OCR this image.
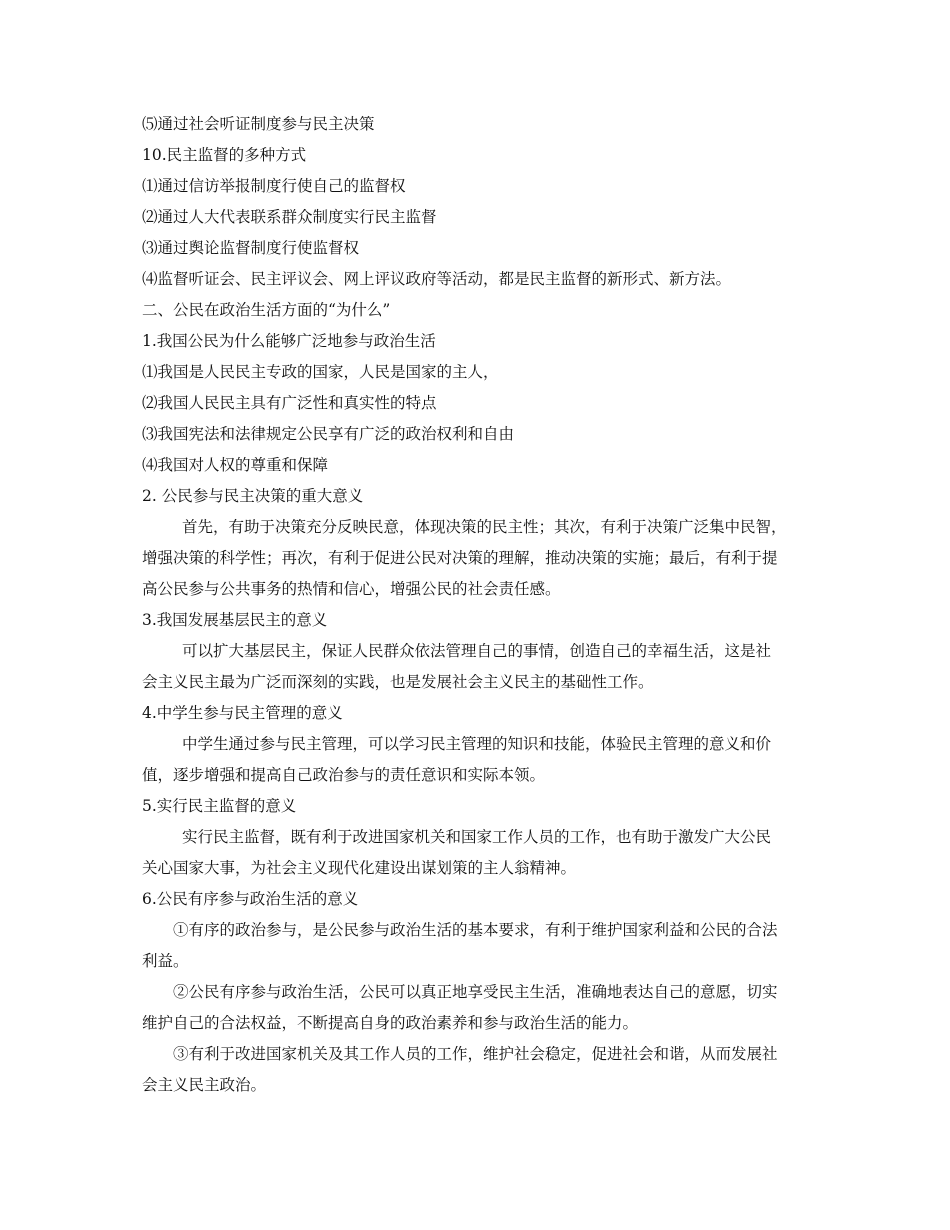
⑸通过社会听证制度参与民主决策
10.民主监督的多种方式
⑴通过信访举报制度行使自己的监督权
⑵通过人大代表联系群众制度实行民主监督
⑶通过舆论监督制度行使监督权
⑷监督听证会、民主评议会、网上评议政府等活动，都是民主监督的新形式、新方法。
二、公民在政治生活方面的“为什么”
1.我国公民为什么能够广泛地参与政治生活
⑴我国是人民民主专政的国家，人民是国家的主人，
⑵我国人民民主具有广泛性和真实性的特点
⑶我国宪法和法律规定公民享有广泛的政治权利和自由
⑷我国对人权的尊重和保障
2. 公民参与民主决策的重大意义
首先，有助于决策充分反映民意，体现决策的民主性；其次，有利于决策广泛集中民智，
增强决策的科学性；再次，有利于促进公民对决策的理解，推动决策的实施；最后，有利于提
高公民参与公共事务的热情和信心，增强公民的社会责任感。
3.我国发展基层民主的意义
可以扩大基层民主，保证人民群众依法管理自己的事情，创造自己的幸福生活，这是社
会主义民主最为广泛而深刻的实践，也是发展社会主义民主的基础性工作。
4.中学生参与民主管理的意义
中学生通过参与民主管理，可以学习民主管理的知识和技能，体验民主管理的意义和价
值，逐步增强和提高自己政治参与的责任意识和实际本领。
5.实行民主监督的意义
实行民主监督，既有利于改进国家机关和国家工作人员的工作，也有助于激发广大公民
关心国家大事，为社会主义现代化建设出谋划策的主人翁精神。
6.公民有序参与政治生活的意义
①有序的政治参与，是公民参与政治生活的基本要求，有利于维护国家利益和公民的合法
利益。
②公民有序参与政治生活，公民可以真正地享受民主生活，准确地表达自己的意愿，切实
维护自己的合法权益，不断提高自身的政治素养和参与政治生活的能力。
③有利于改进国家机关及其工作人员的工作，维护社会稳定，促进社会和谐，从而发展社
会主义民主政治。
